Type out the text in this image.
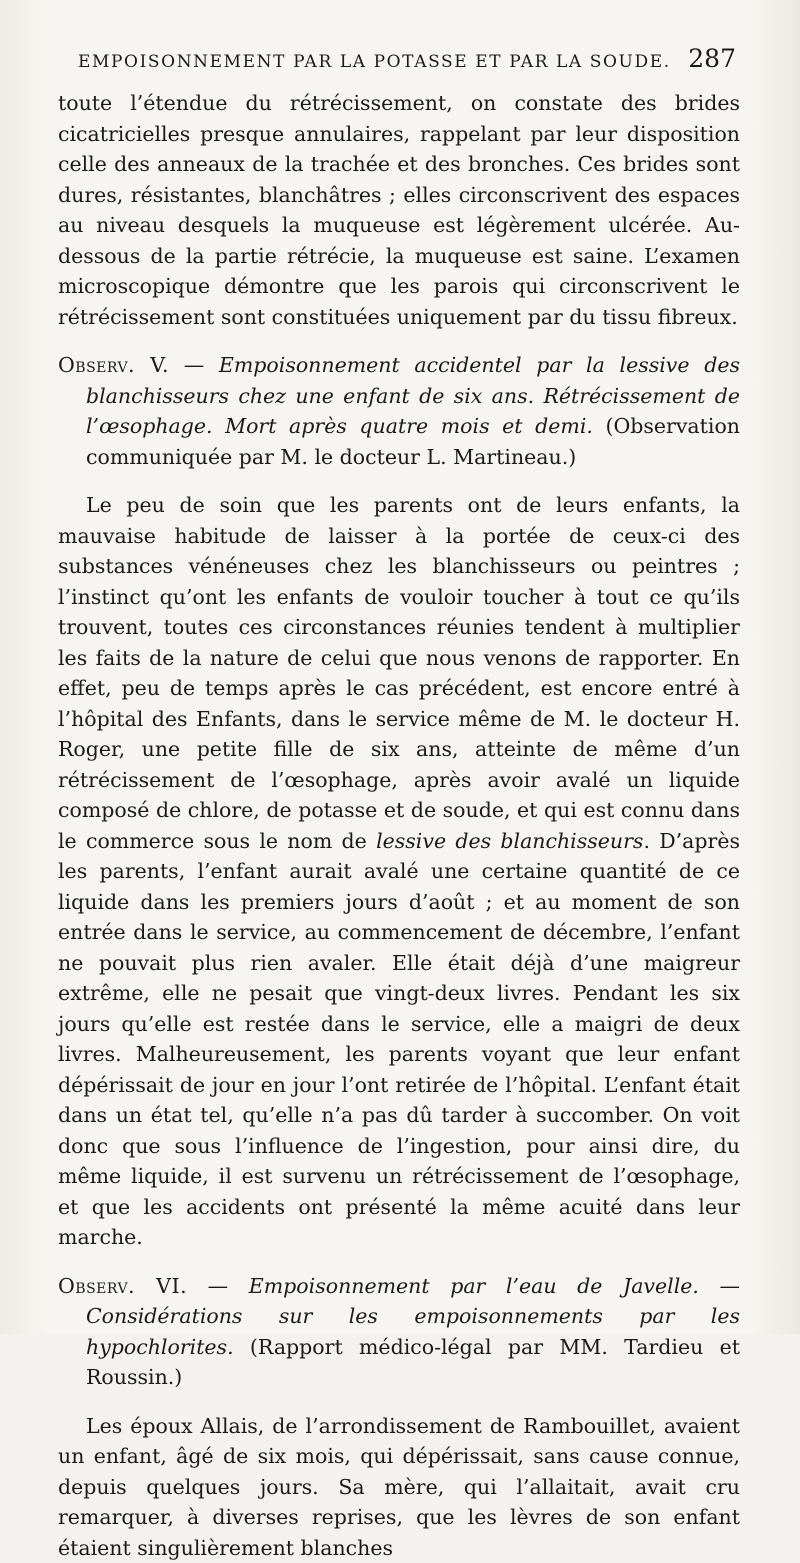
EMPOISONNEMENT PAR LA POTASSE ET PAR LA SOUDE. 287

toute l’étendue du rétrécissement, on constate des brides cicatricielles presque annulaires, rappelant par leur disposition celle des anneaux de la trachée et des bronches. Ces brides sont dures, résistantes, blanchâtres ; elles circonscrivent des espaces au niveau desquels la muqueuse est légèrement ulcérée. Au-dessous de la partie rétrécie, la muqueuse est saine. L’examen microscopique démontre que les parois qui circonscrivent le rétrécissement sont constituées uniquement par du tissu fibreux.

Observ. V. — Empoisonnement accidentel par la lessive des blanchisseurs chez une enfant de six ans. Rétrécissement de l’œsophage. Mort après quatre mois et demi. (Observation communiquée par M. le docteur L. Martineau.)

Le peu de soin que les parents ont de leurs enfants, la mauvaise habitude de laisser à la portée de ceux-ci des substances vénéneuses chez les blanchisseurs ou peintres ; l’instinct qu’ont les enfants de vouloir toucher à tout ce qu’ils trouvent, toutes ces circonstances réunies tendent à multiplier les faits de la nature de celui que nous venons de rapporter. En effet, peu de temps après le cas précédent, est encore entré à l’hôpital des Enfants, dans le service même de M. le docteur H. Roger, une petite fille de six ans, atteinte de même d’un rétrécissement de l’œsophage, après avoir avalé un liquide composé de chlore, de potasse et de soude, et qui est connu dans le commerce sous le nom de lessive des blanchisseurs. D’après les parents, l’enfant aurait avalé une certaine quantité de ce liquide dans les premiers jours d’août ; et au moment de son entrée dans le service, au commencement de décembre, l’enfant ne pouvait plus rien avaler. Elle était déjà d’une maigreur extrême, elle ne pesait que vingt-deux livres. Pendant les six jours qu’elle est restée dans le service, elle a maigri de deux livres. Malheureusement, les parents voyant que leur enfant dépérissait de jour en jour l’ont retirée de l’hôpital. L’enfant était dans un état tel, qu’elle n’a pas dû tarder à succomber. On voit donc que sous l’influence de l’ingestion, pour ainsi dire, du même liquide, il est survenu un rétrécissement de l’œsophage, et que les accidents ont présenté la même acuité dans leur marche.

Observ. VI. — Empoisonnement par l’eau de Javelle. — Considérations sur les empoisonnements par les hypochlorites. (Rapport médico-légal par MM. Tardieu et Roussin.)

Les époux Allais, de l’arrondissement de Rambouillet, avaient un enfant, âgé de six mois, qui dépérissait, sans cause connue, depuis quelques jours. Sa mère, qui l’allaitait, avait cru remarquer, à diverses reprises, que les lèvres de son enfant étaient singulièrement blanches
